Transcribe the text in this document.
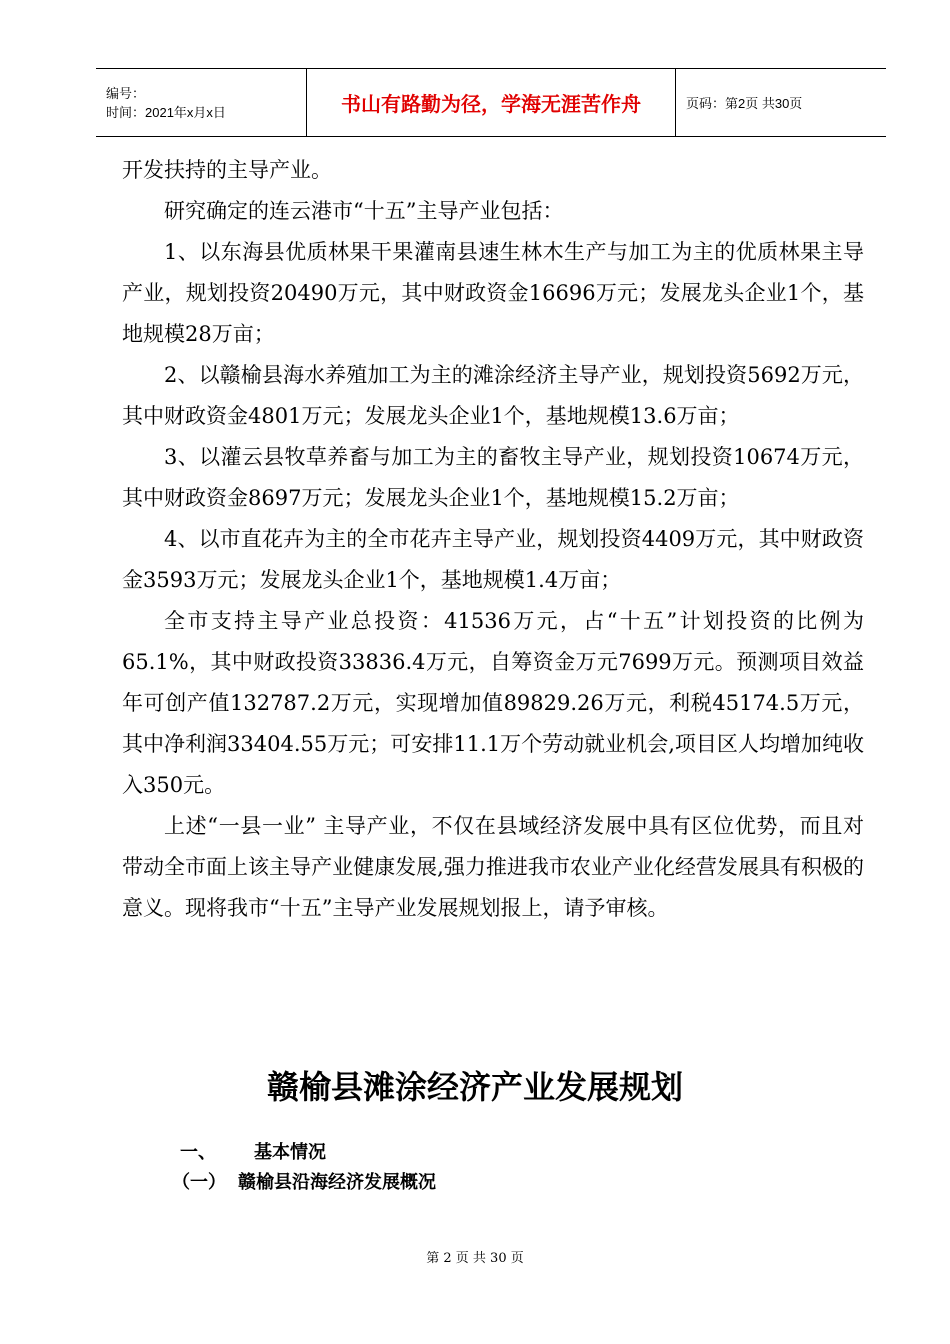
编号：
时间：2021年x月x日	书山有路勤为径，学海无涯苦作舟	页码：第2页 共30页

开发扶持的主导产业。

研究确定的连云港市“十五”主导产业包括：

1、以东海县优质林果干果灌南县速生林木生产与加工为主的优质林果主导产业，规划投资20490万元，其中财政资金16696万元；发展龙头企业1个，基地规模28万亩；

2、以赣榆县海水养殖加工为主的滩涂经济主导产业，规划投资5692万元，其中财政资金4801万元；发展龙头企业1个，基地规模13.6万亩；

3、以灌云县牧草养畜与加工为主的畜牧主导产业，规划投资10674万元，其中财政资金8697万元；发展龙头企业1个，基地规模15.2万亩；

4、以市直花卉为主的全市花卉主导产业，规划投资4409万元，其中财政资金3593万元；发展龙头企业1个，基地规模1.4万亩；

全市支持主导产业总投资：41536万元，占“十五”计划投资的比例为65.1%，其中财政投资33836.4万元，自筹资金万元7699万元。预测项目效益年可创产值132787.2万元，实现增加值89829.26万元，利税45174.5万元，其中净利润33404.55万元；可安排11.1万个劳动就业机会,项目区人均增加纯收入350元。

上述“一县一业” 主导产业，不仅在县域经济发展中具有区位优势，而且对带动全市面上该主导产业健康发展,强力推进我市农业产业化经营发展具有积极的意义。现将我市“十五”主导产业发展规划报上，请予审核。

赣榆县滩涂经济产业发展规划
一、 基本情况
（一） 赣榆县沿海经济发展概况
第 2 页 共 30 页
